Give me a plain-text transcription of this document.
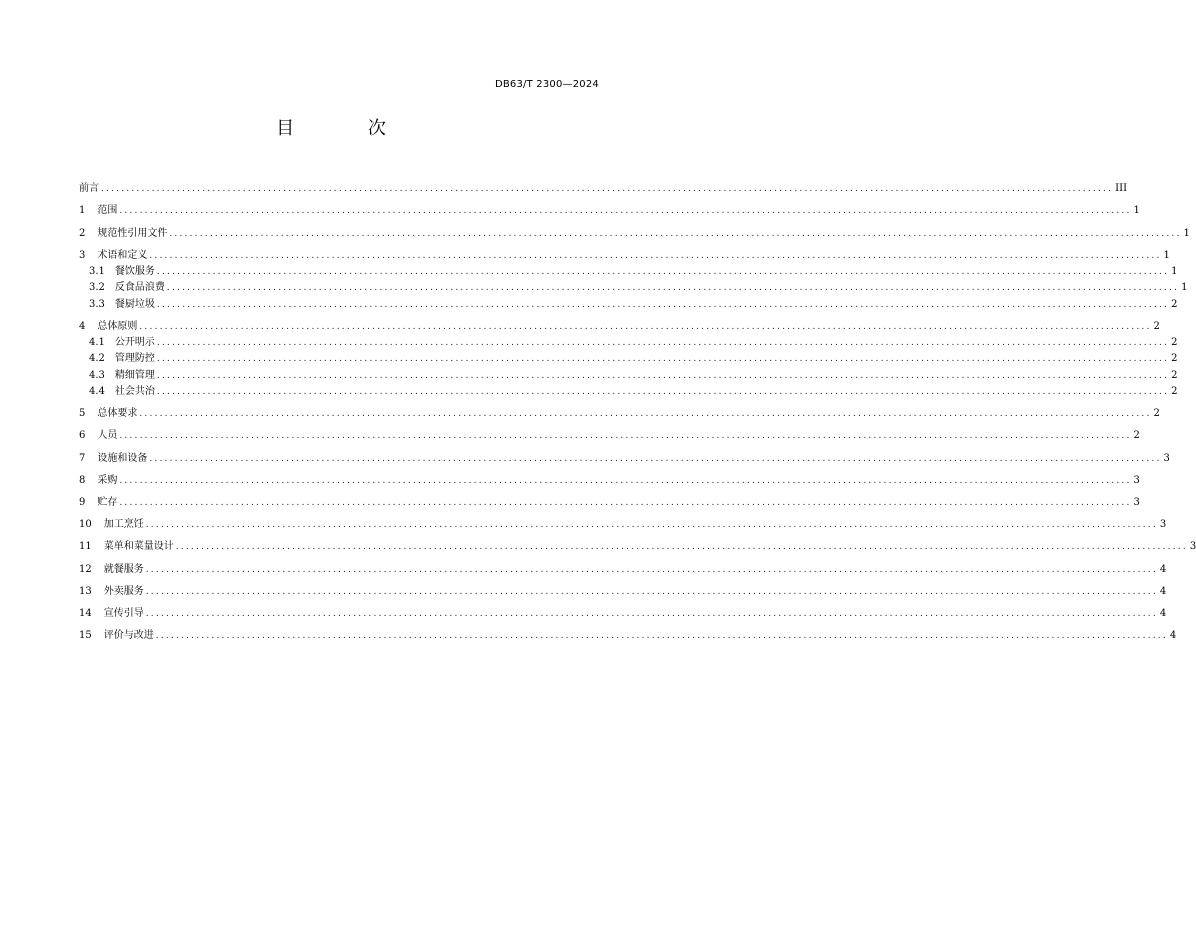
DB63/T 2300—2024
目 次
前言 ........................................................................................................................................................................................................ III
1	范围 ........................................................................................................................................................................................................ 1
2	规范性引用文件 ........................................................................................................................................................................................................ 1
3	术语和定义 ........................................................................................................................................................................................................ 1
3.1	餐饮服务 ........................................................................................................................................................................................................ 1
3.2	反食品浪费 ........................................................................................................................................................................................................ 1
3.3	餐厨垃圾 ........................................................................................................................................................................................................ 2
4	总体原则 ........................................................................................................................................................................................................ 2
4.1	公开明示 ........................................................................................................................................................................................................ 2
4.2	管理防控 ........................................................................................................................................................................................................ 2
4.3	精细管理 ........................................................................................................................................................................................................ 2
4.4	社会共治 ........................................................................................................................................................................................................ 2
5	总体要求 ........................................................................................................................................................................................................ 2
6	人员 ........................................................................................................................................................................................................ 2
7	设施和设备 ........................................................................................................................................................................................................ 3
8	采购 ........................................................................................................................................................................................................ 3
9	贮存 ........................................................................................................................................................................................................ 3
10	加工烹饪 ........................................................................................................................................................................................................ 3
11	菜单和菜量设计 ........................................................................................................................................................................................................ 3
12	就餐服务 ........................................................................................................................................................................................................ 4
13	外卖服务 ........................................................................................................................................................................................................ 4
14	宣传引导 ........................................................................................................................................................................................................ 4
15	评价与改进 ........................................................................................................................................................................................................ 4
